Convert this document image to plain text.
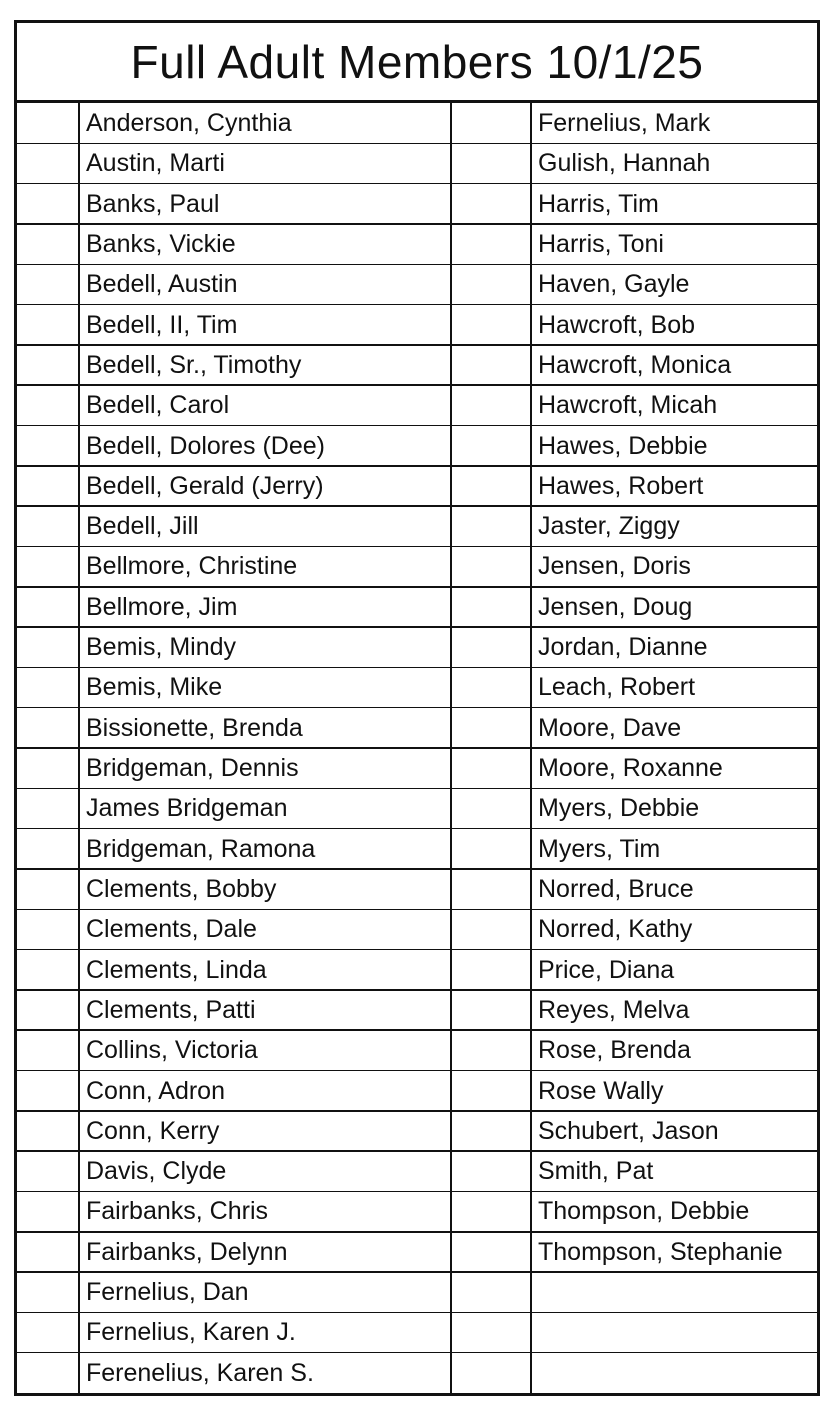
Full Adult Members 10/1/25
Anderson, Cynthia
Austin, Marti
Banks, Paul
Banks, Vickie
Bedell, Austin
Bedell, II, Tim
Bedell, Sr., Timothy
Bedell, Carol
Bedell, Dolores (Dee)
Bedell, Gerald (Jerry)
Bedell, Jill
Bellmore, Christine
Bellmore, Jim
Bemis, Mindy
Bemis, Mike
Bissionette, Brenda
Bridgeman, Dennis
James Bridgeman
Bridgeman, Ramona
Clements, Bobby
Clements, Dale
Clements, Linda
Clements, Patti
Collins, Victoria
Conn, Adron
Conn, Kerry
Davis, Clyde
Fairbanks, Chris
Fairbanks, Delynn
Fernelius, Dan
Fernelius, Karen J.
Ferenelius, Karen S.
Fernelius, Mark
Gulish, Hannah
Harris, Tim
Harris, Toni
Haven, Gayle
Hawcroft, Bob
Hawcroft, Monica
Hawcroft, Micah
Hawes, Debbie
Hawes, Robert
Jaster, Ziggy
Jensen, Doris
Jensen, Doug
Jordan, Dianne
Leach, Robert
Moore, Dave
Moore, Roxanne
Myers, Debbie
Myers, Tim
Norred, Bruce
Norred, Kathy
Price, Diana
Reyes, Melva
Rose, Brenda
Rose Wally
Schubert, Jason
Smith, Pat
Thompson, Debbie
Thompson, Stephanie
